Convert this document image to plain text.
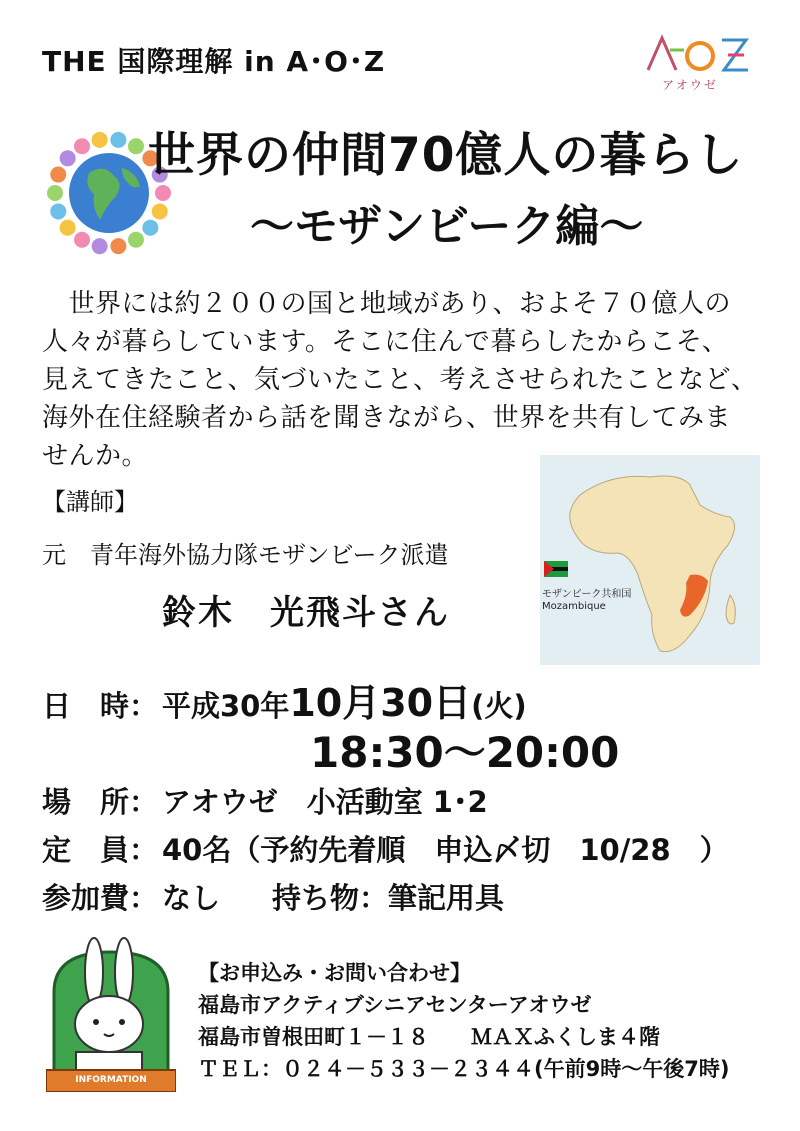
THE 国際理解 in A･O･Z
アオウゼ
世界の仲間70億人の暮らし
～モザンビーク編～

　世界には約２００の国と地域があり、およそ７０億人の

人々が暮らしています。そこに住んで暮らしたからこそ、

見えてきたこと、気づいたこと、考えさせられたことなど、

海外在住経験者から話を聞きながら、世界を共有してみま

せんか。

【講師】
元　青年海外協力隊モザンビーク派遣
鈴木　光飛斗さん	モザンビーク共和国
Mozambique
日　時： 平成30年10月30日(火)
18:30～20:00
場　所： アオウゼ　小活動室 1･2
定　員： 40名（予約先着順　申込〆切　10/28　）
参加費： なし 持ち物：筆記用具
INFORMATION
【お申込み・お問い合わせ】
福島市アクティブシニアセンターアオウゼ
福島市曽根田町１－１８　　ＭＡＸふくしま４階
ＴＥＬ：０２４－５３３－２３４４(午前9時～午後7時)
